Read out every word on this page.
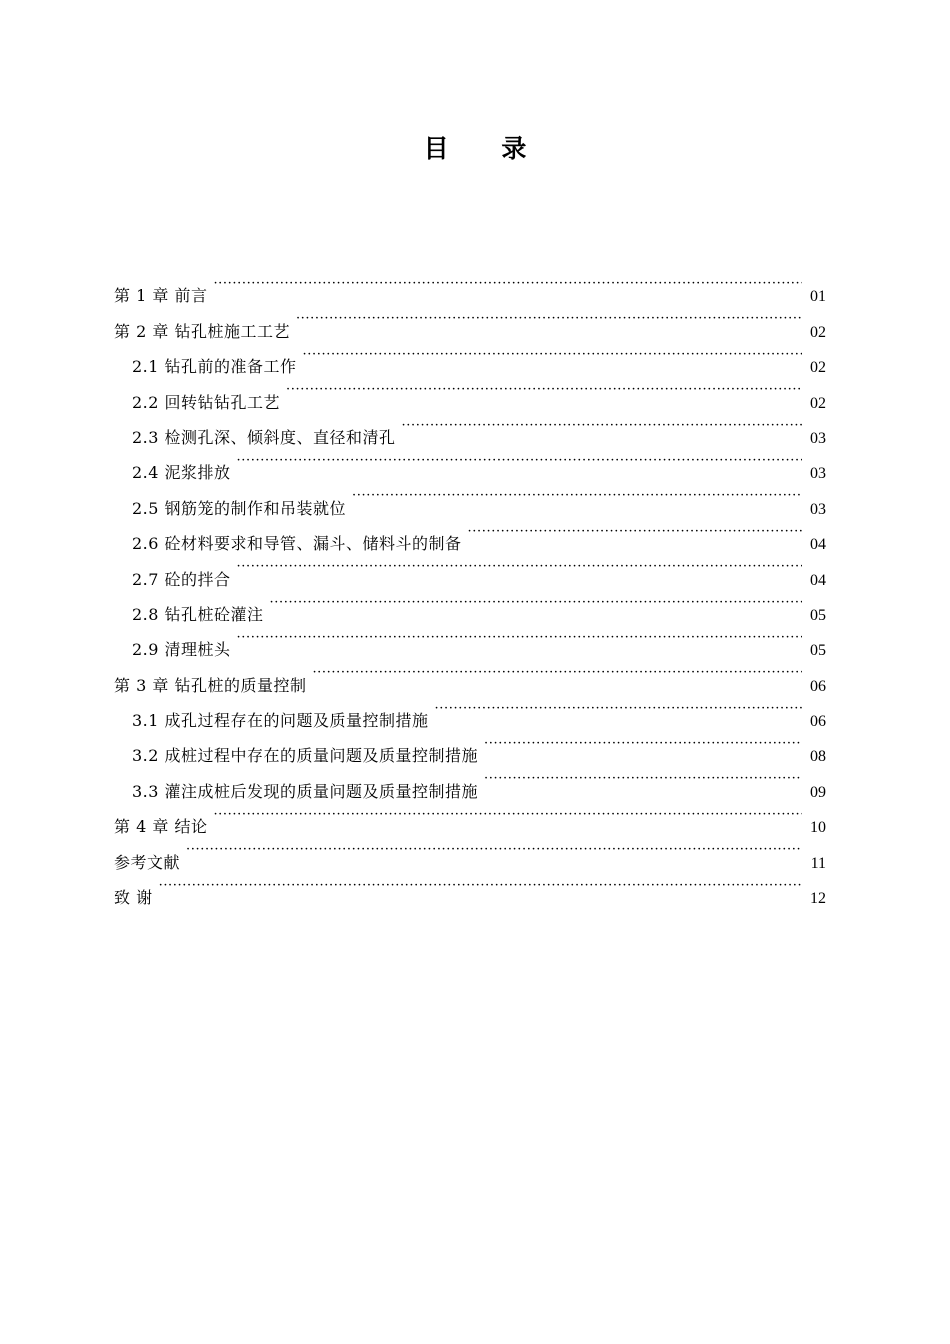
目 录
第 1 章 前言 ·····	01
第 2 章 钻孔桩施工工艺 ·····	02
2.1 钻孔前的准备工作 ·····	02
2.2 回转钻钻孔工艺 ·····	02
2.3 检测孔深、倾斜度、直径和清孔 ·····	03
2.4 泥浆排放 ·····	03
2.5 钢筋笼的制作和吊装就位 ·····	03
2.6 砼材料要求和导管、漏斗、储料斗的制备 ·····	04
2.7 砼的拌合 ·····	04
2.8 钻孔桩砼灌注 ·····	05
2.9 清理桩头 ·····	05
第 3 章 钻孔桩的质量控制 ·····	06
3.1 成孔过程存在的问题及质量控制措施 ·····	06
3.2 成桩过程中存在的质量问题及质量控制措施 ·····	08
3.3 灌注成桩后发现的质量问题及质量控制措施 ·····	09
第 4 章 结论 ·····	10
参考文献 ·····	11
致 谢 ·····	12
